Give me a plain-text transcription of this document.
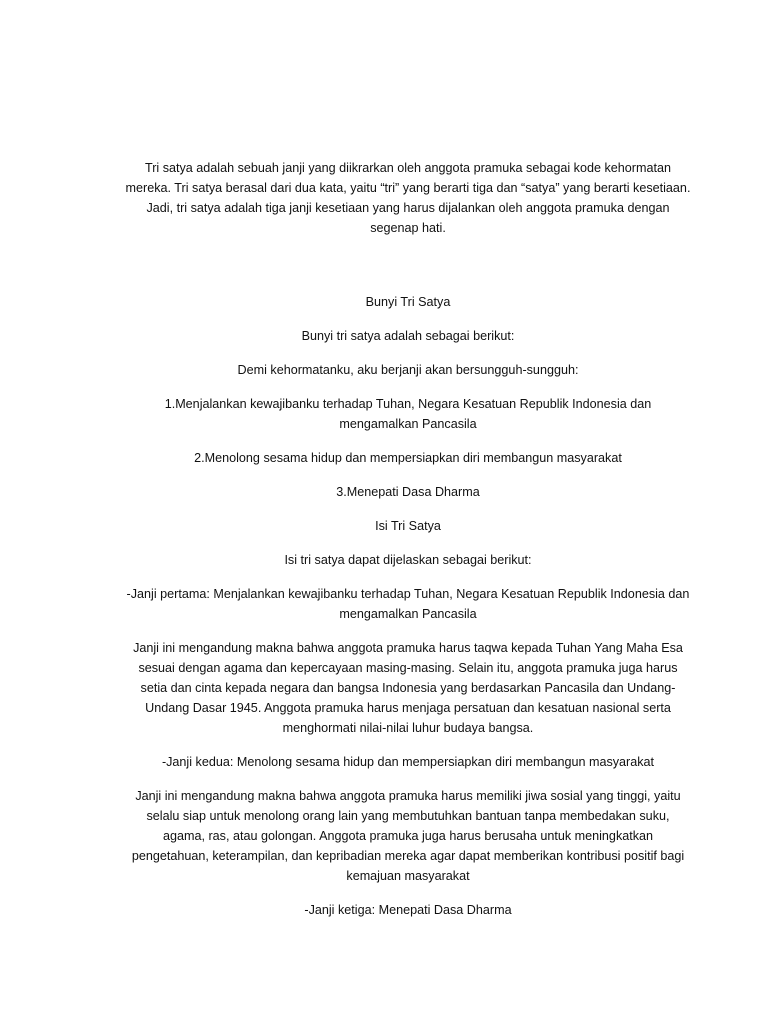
Tri satya adalah sebuah janji yang diikrarkan oleh anggota pramuka sebagai kode kehormatan mereka. Tri satya berasal dari dua kata, yaitu “tri” yang berarti tiga dan “satya” yang berarti kesetiaan. Jadi, tri satya adalah tiga janji kesetiaan yang harus dijalankan oleh anggota pramuka dengan segenap hati.

Bunyi Tri Satya

Bunyi tri satya adalah sebagai berikut:

Demi kehormatanku, aku berjanji akan bersungguh-sungguh:

1.Menjalankan kewajibanku terhadap Tuhan, Negara Kesatuan Republik Indonesia dan mengamalkan Pancasila

2.Menolong sesama hidup dan mempersiapkan diri membangun masyarakat

3.Menepati Dasa Dharma

Isi Tri Satya

Isi tri satya dapat dijelaskan sebagai berikut:

-Janji pertama: Menjalankan kewajibanku terhadap Tuhan, Negara Kesatuan Republik Indonesia dan mengamalkan Pancasila

Janji ini mengandung makna bahwa anggota pramuka harus taqwa kepada Tuhan Yang Maha Esa sesuai dengan agama dan kepercayaan masing-masing. Selain itu, anggota pramuka juga harus setia dan cinta kepada negara dan bangsa Indonesia yang berdasarkan Pancasila dan Undang-Undang Dasar 1945. Anggota pramuka harus menjaga persatuan dan kesatuan nasional serta menghormati nilai-nilai luhur budaya bangsa.

-Janji kedua: Menolong sesama hidup dan mempersiapkan diri membangun masyarakat

Janji ini mengandung makna bahwa anggota pramuka harus memiliki jiwa sosial yang tinggi, yaitu selalu siap untuk menolong orang lain yang membutuhkan bantuan tanpa membedakan suku, agama, ras, atau golongan. Anggota pramuka juga harus berusaha untuk meningkatkan pengetahuan, keterampilan, dan kepribadian mereka agar dapat memberikan kontribusi positif bagi kemajuan masyarakat

-Janji ketiga: Menepati Dasa Dharma
